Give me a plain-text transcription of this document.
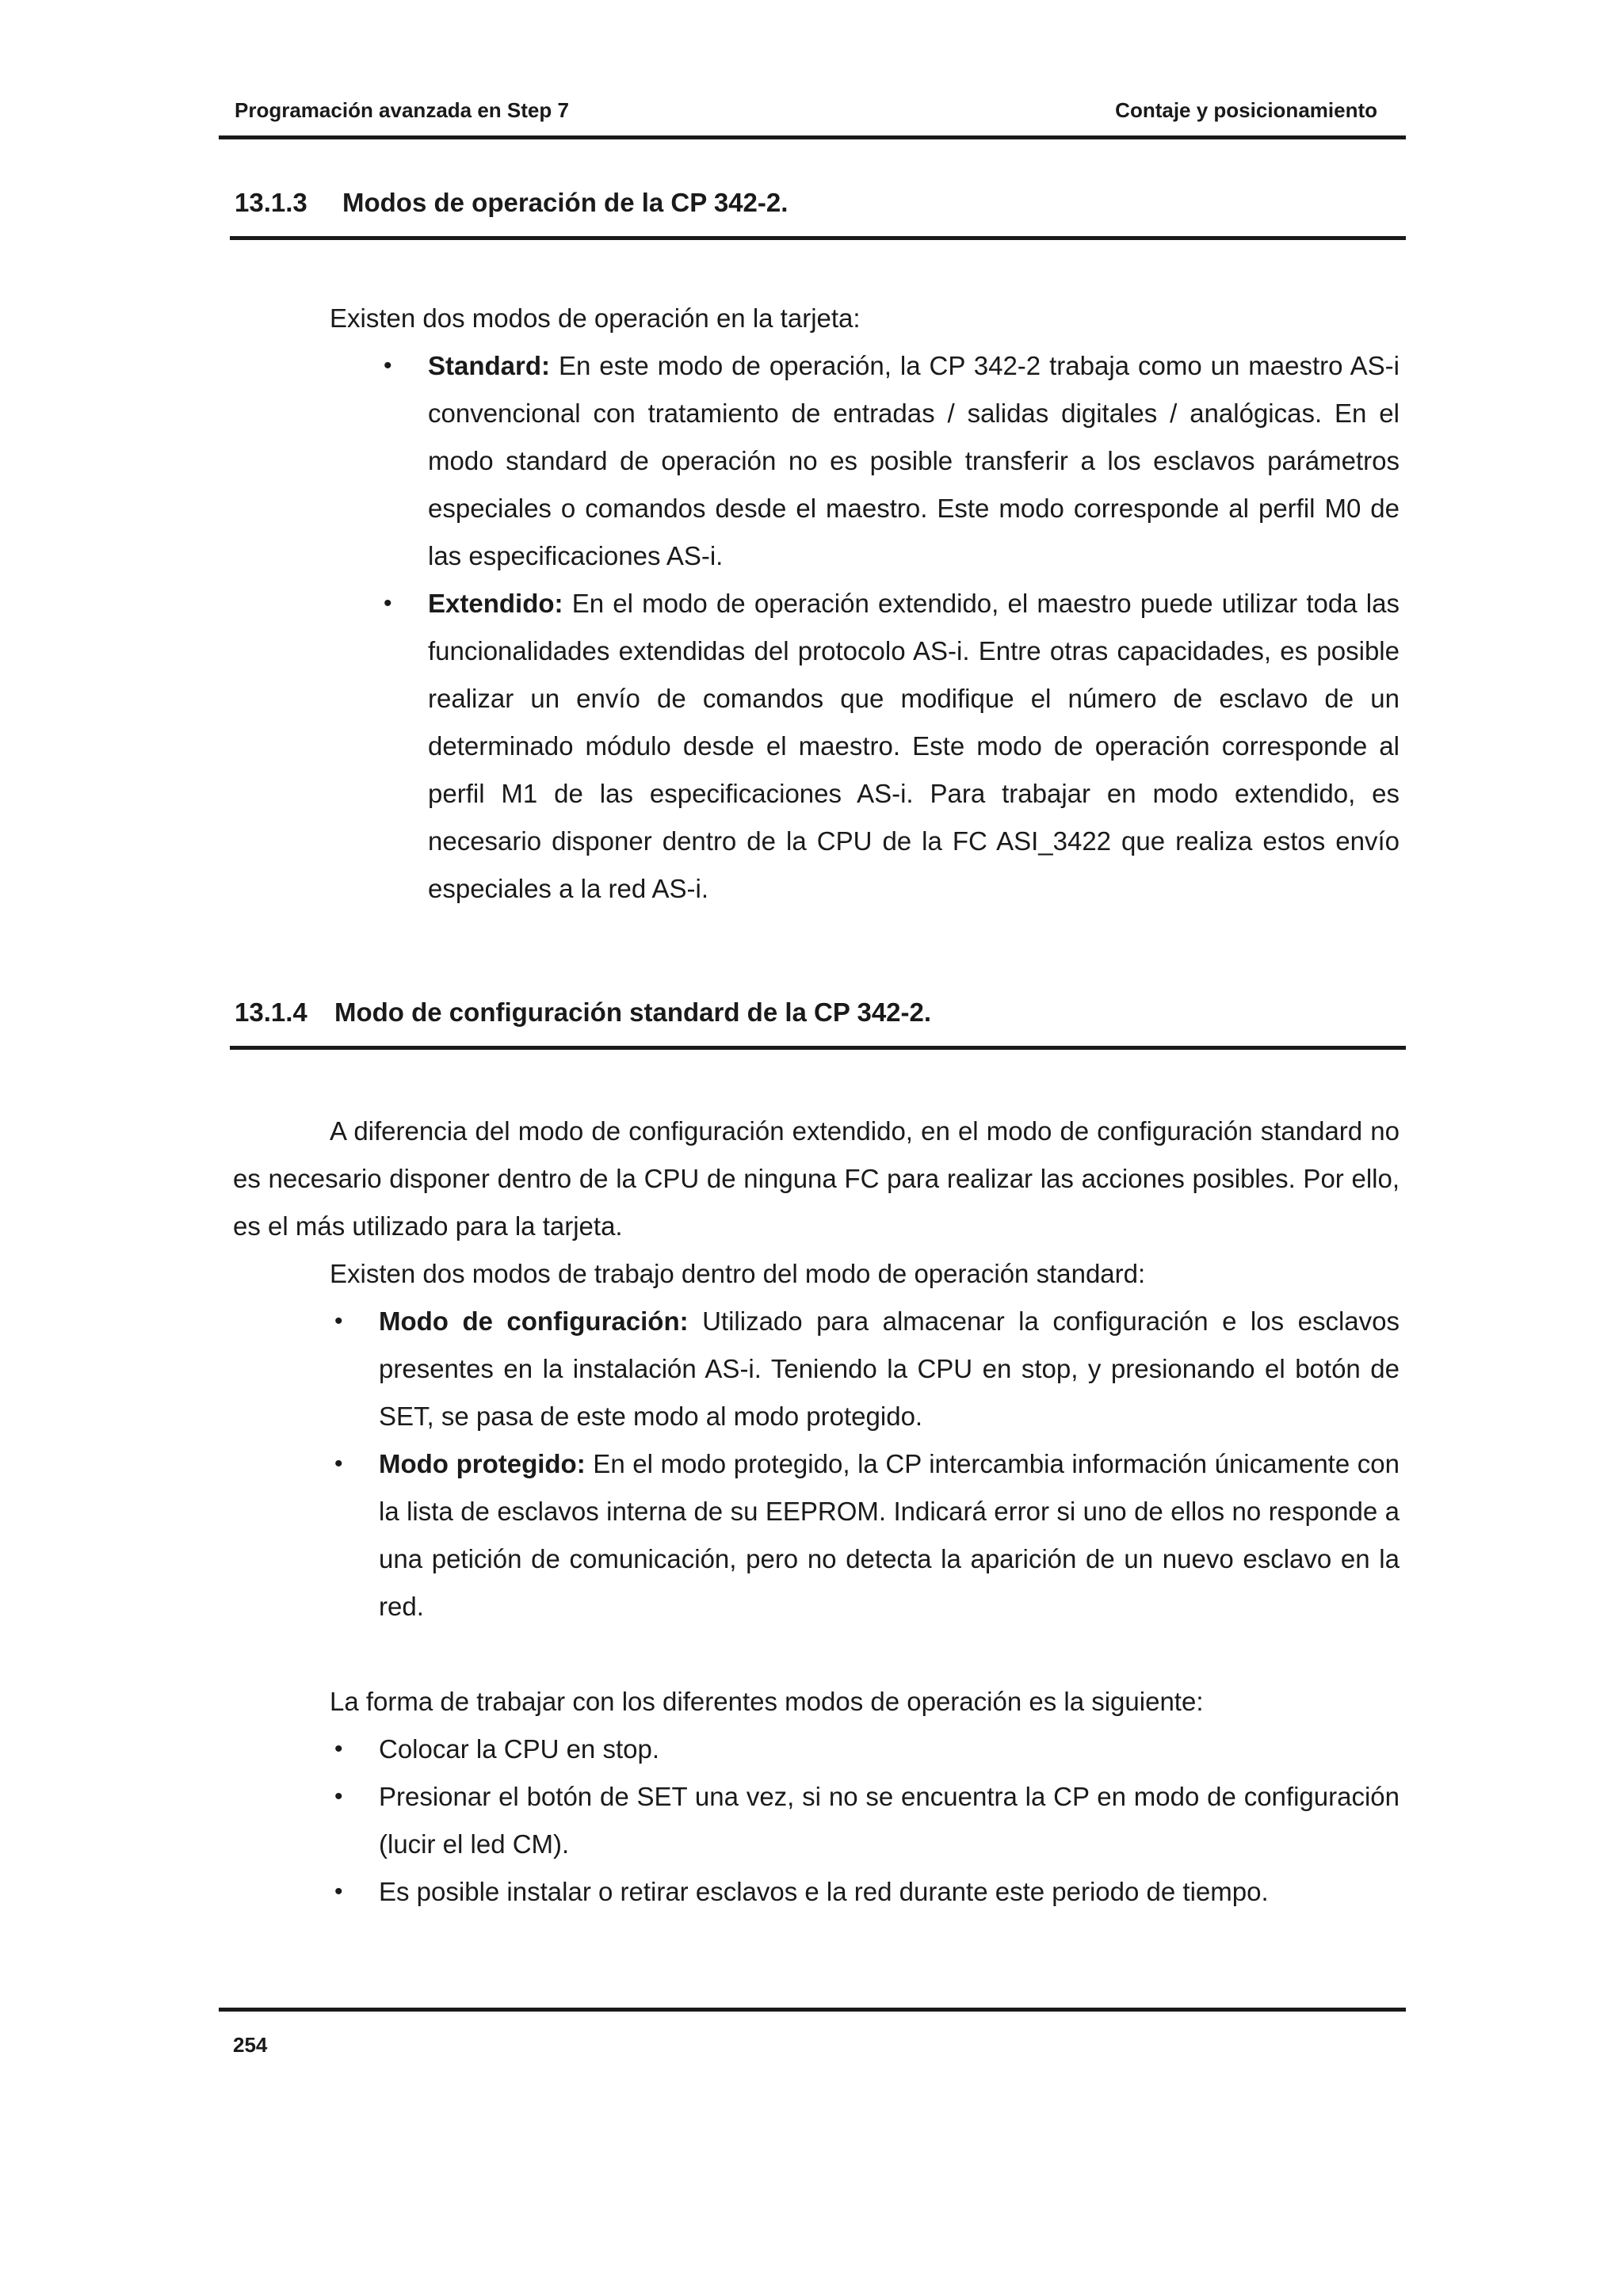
Programación avanzada en Step 7	Contaje y posicionamiento
13.1.3 Modos de operación de la CP 342-2.

Existen dos modos de operación en la tarjeta:

• Standard: En este modo de operación, la CP 342-2 trabaja como un maestro AS-i convencional con tratamiento de entradas / salidas digitales / analógicas. En el modo standard de operación no es posible transferir a los esclavos parámetros especiales o comandos desde el maestro. Este modo corresponde al perfil M0 de las especificaciones AS-i.
• Extendido: En el modo de operación extendido, el maestro puede utilizar toda las funcionalidades extendidas del protocolo AS-i. Entre otras capacidades, es posible realizar un envío de comandos que modifique el número de esclavo de un determinado módulo desde el maestro. Este modo de operación corresponde al perfil M1 de las especificaciones AS-i. Para trabajar en modo extendido, es necesario disponer dentro de la CPU de la FC ASI_3422 que realiza estos envío especiales a la red AS-i.
13.1.4 Modo de configuración standard de la CP 342-2.

A diferencia del modo de configuración extendido, en el modo de configuración standard no es necesario disponer dentro de la CPU de ninguna FC para realizar las acciones posibles. Por ello, es el más utilizado para la tarjeta.

Existen dos modos de trabajo dentro del modo de operación standard:

• Modo de configuración: Utilizado para almacenar la configuración e los esclavos presentes en la instalación AS-i. Teniendo la CPU en stop, y presionando el botón de SET, se pasa de este modo al modo protegido.
• Modo protegido: En el modo protegido, la CP intercambia información únicamente con la lista de esclavos interna de su EEPROM. Indicará error si uno de ellos no responde a una petición de comunicación, pero no detecta la aparición de un nuevo esclavo en la red.

La forma de trabajar con los diferentes modos de operación es la siguiente:

• Colocar la CPU en stop.
• Presionar el botón de SET una vez, si no se encuentra la CP en modo de configuración (lucir el led CM).
• Es posible instalar o retirar esclavos e la red durante este periodo de tiempo.
254
